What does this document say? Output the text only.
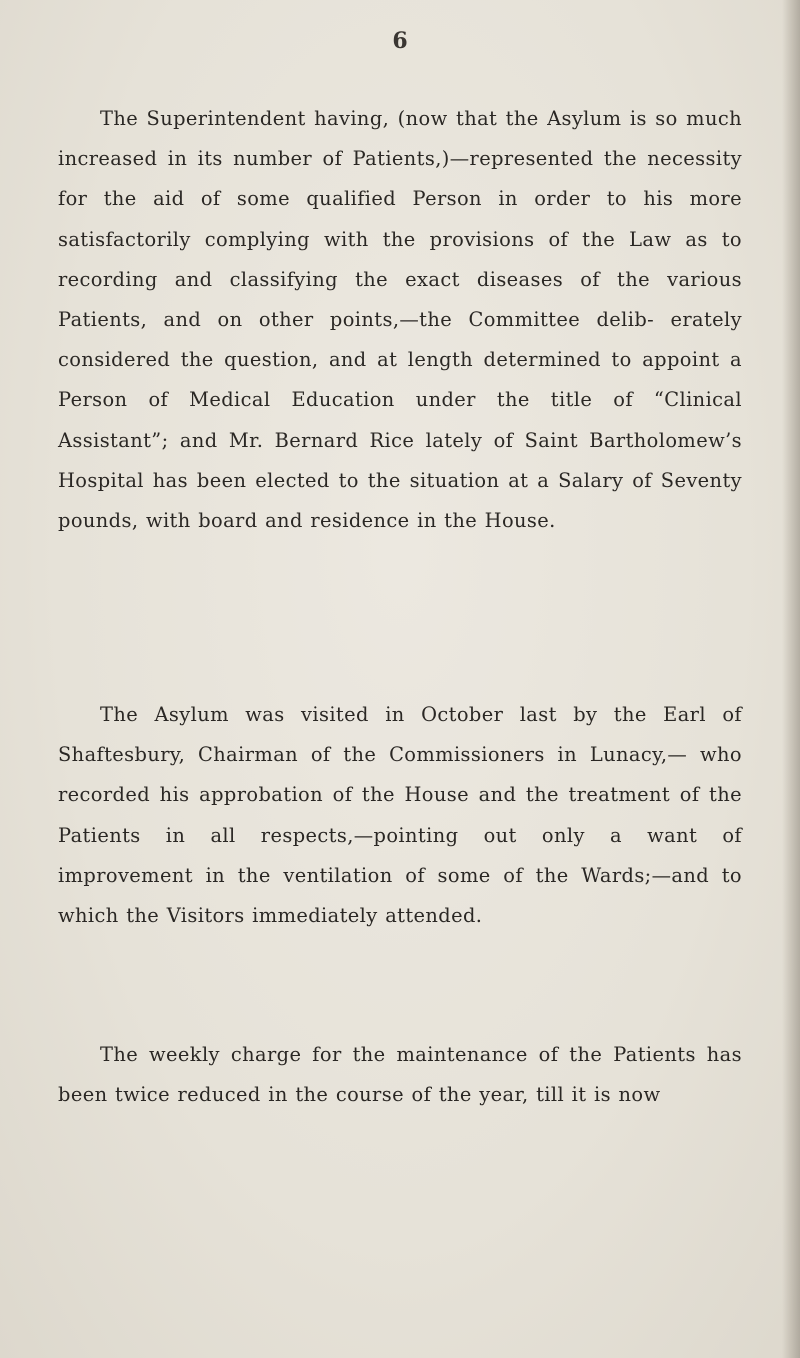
6

The Superintendent having, (now that the Asylum is so much increased in its number of Patients,)—represented the necessity for the aid of some qualified Person in order to his more satisfactorily complying with the provisions of the Law as to recording and classifying the exact diseases of the various Patients, and on other points,—the Committee delib- erately considered the question, and at length determined to appoint a Person of Medical Education under the title of “Clinical Assistant”; and Mr. Bernard Rice lately of Saint Bartholomew’s Hospital has been elected to the situation at a Salary of Seventy pounds, with board and residence in the House.

The Asylum was visited in October last by the Earl of Shaftesbury, Chairman of the Commissioners in Lunacy,— who recorded his approbation of the House and the treatment of the Patients in all respects,—pointing out only a want of improvement in the ventilation of some of the Wards;—and to which the Visitors immediately attended.

The weekly charge for the maintenance of the Patients has been twice reduced in the course of the year, till it is now
